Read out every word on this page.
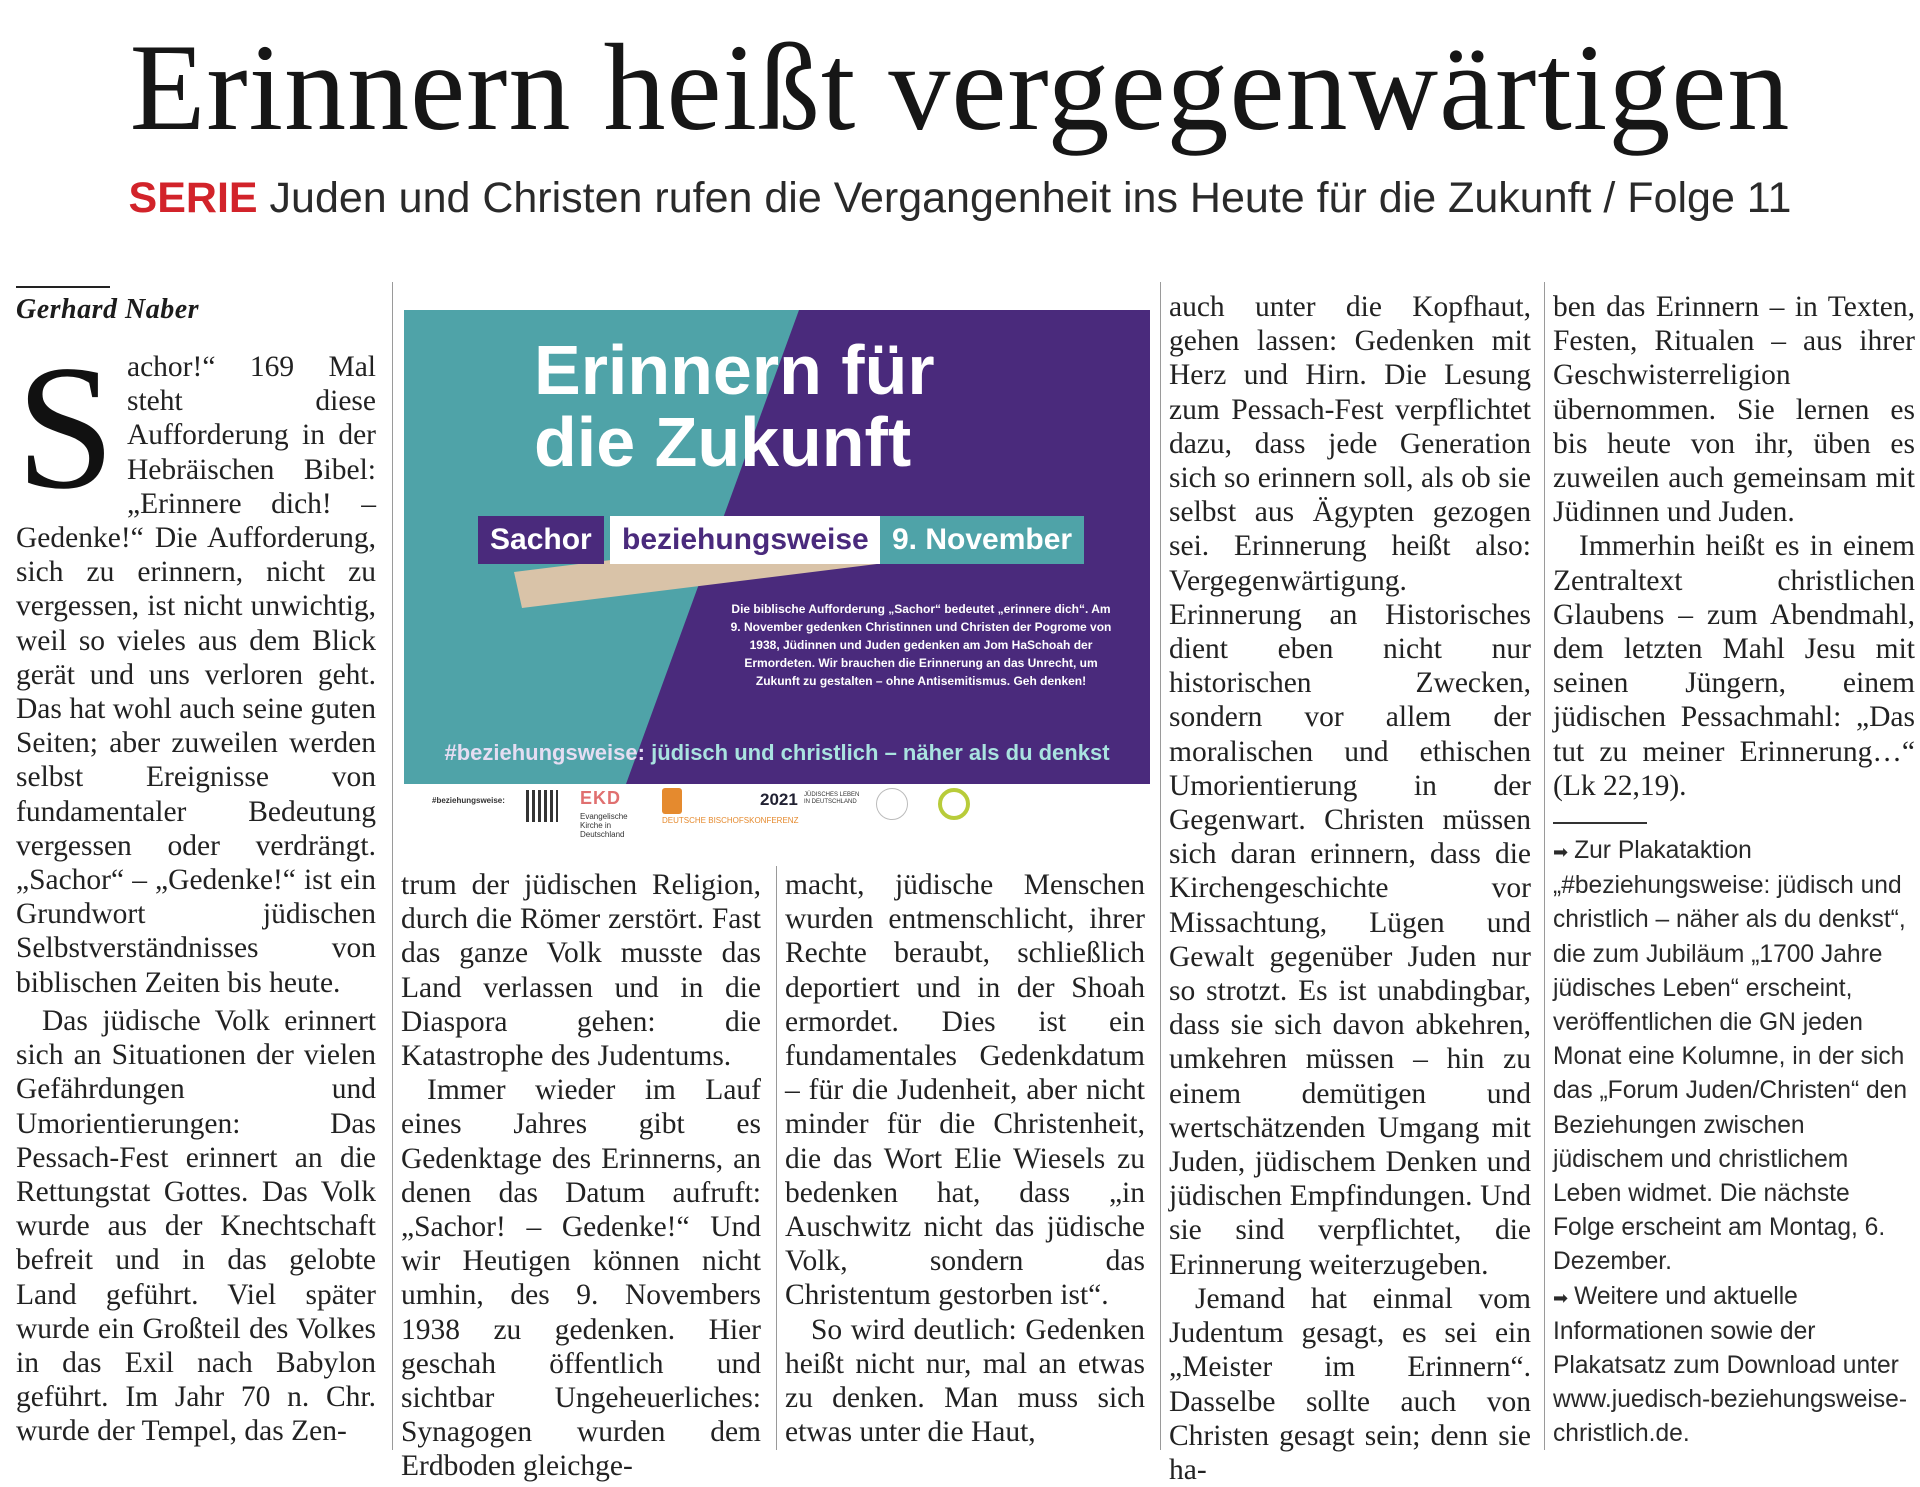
Erinnern heißt vergegenwärtigen
SERIE Juden und Christen rufen die Vergangenheit ins Heute für die Zukunft / Folge 11
Gerhard Naber

Sachor!“ 169 Mal steht diese Aufforderung in der Hebräischen Bibel: „Erinnere dich! – Gedenke!“ Die Aufforderung, sich zu erinnern, nicht zu vergessen, ist nicht unwichtig, weil so vieles aus dem Blick gerät und uns verloren geht. Das hat wohl auch seine guten Seiten; aber zuweilen werden selbst Ereignisse von fundamentaler Bedeutung vergessen oder verdrängt. „Sachor“ – „Gedenke!“ ist ein Grundwort jüdischen Selbstverständnisses von biblischen Zeiten bis heute.

Das jüdische Volk erinnert sich an Situationen der vielen Gefährdungen und Umorientierungen: Das Pessach-Fest erinnert an die Rettungstat Gottes. Das Volk wurde aus der Knechtschaft befreit und in das gelobte Land geführt. Viel später wurde ein Großteil des Volkes in das Exil nach Babylon geführt. Im Jahr 70 n. Chr. wurde der Tempel, das Zen-

Erinnern für
die Zukunft
Sachor	beziehungsweise 9. November
Die biblische Aufforderung „Sachor“ bedeutet „erinnere dich“. Am 9. November gedenken Christinnen und Christen der Pogrome von 1938, Jüdinnen und Juden gedenken am Jom HaSchoah der Ermordeten. Wir brauchen die Erinnerung an das Unrecht, um Zukunft zu gestalten – ohne Antisemitismus. Geh denken!
#beziehungsweise: jüdisch und christlich – näher als du denkst
#beziehungsweise:	EKD
Evangelische Kirche in Deutschland
DEUTSCHE BISCHOFSKONFERENZ
2021 JÜDISCHES LEBEN IN DEUTSCHLAND

trum der jüdischen Religion, durch die Römer zerstört. Fast das ganze Volk musste das Land verlassen und in die Diaspora gehen: die Katastrophe des Judentums.

Immer wieder im Lauf eines Jahres gibt es Gedenktage des Erinnerns, an denen das Datum aufruft: „Sachor! – Gedenke!“ Und wir Heutigen können nicht umhin, des 9. Novembers 1938 zu gedenken. Hier geschah öffentlich und sichtbar Ungeheuerliches: Synagogen wurden dem Erdboden gleichge-

macht, jüdische Menschen wurden entmenschlicht, ihrer Rechte beraubt, schließlich deportiert und in der Shoah ermordet. Dies ist ein fundamentales Gedenkdatum – für die Judenheit, aber nicht minder für die Christenheit, die das Wort Elie Wiesels zu bedenken hat, dass „in Auschwitz nicht das jüdische Volk, sondern das Christentum gestorben ist“.

So wird deutlich: Gedenken heißt nicht nur, mal an etwas zu denken. Man muss sich etwas unter die Haut,

auch unter die Kopfhaut, gehen lassen: Gedenken mit Herz und Hirn. Die Lesung zum Pessach-Fest verpflichtet dazu, dass jede Generation sich so erinnern soll, als ob sie selbst aus Ägypten gezogen sei. Erinnerung heißt also: Vergegenwärtigung. Erinnerung an Historisches dient eben nicht nur historischen Zwecken, sondern vor allem der moralischen und ethischen Umorientierung in der Gegenwart. Christen müssen sich daran erinnern, dass die Kirchengeschichte vor Missachtung, Lügen und Gewalt gegenüber Juden nur so strotzt. Es ist unabdingbar, dass sie sich davon abkehren, umkehren müssen – hin zu einem demütigen und wertschätzenden Umgang mit Juden, jüdischem Denken und jüdischen Empfindungen. Und sie sind verpflichtet, die Erinnerung weiterzugeben.

Jemand hat einmal vom Judentum gesagt, es sei ein „Meister im Erinnern“. Dasselbe sollte auch von Christen gesagt sein; denn sie ha-

ben das Erinnern – in Texten, Festen, Ritualen – aus ihrer Geschwisterreligion übernommen. Sie lernen es bis heute von ihr, üben es zuweilen auch gemeinsam mit Jüdinnen und Juden.

Immerhin heißt es in einem Zentraltext christlichen Glaubens – zum Abendmahl, dem letzten Mahl Jesu mit seinen Jüngern, einem jüdischen Pessachmahl: „Das tut zu meiner Erinnerung…“ (Lk 22,19).

➡ Zur Plakataktion „#beziehungsweise: jüdisch und christlich – näher als du denkst“, die zum Jubiläum „1700 Jahre jüdisches Leben“ erscheint, veröffentlichen die GN jeden Monat eine Kolumne, in der sich das „Forum Juden/Christen“ den Beziehungen zwischen jüdischem und christlichem Leben widmet. Die nächste Folge erscheint am Montag, 6. Dezember.

➡ Weitere und aktuelle Informationen sowie der Plakatsatz zum Download unter www.juedisch-beziehungsweise-christlich.de.
